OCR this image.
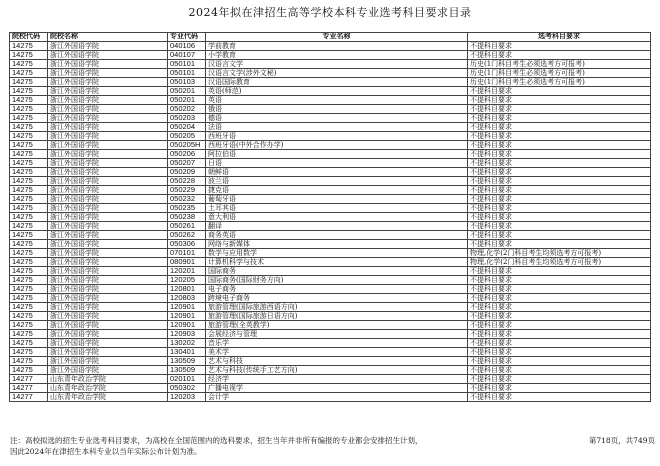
2024年拟在津招生高等学校本科专业选考科目要求目录
院校代码	院校名称	专业代码	专业名称	选考科目要求
14275	浙江外国语学院	040106	学前教育	不提科目要求
14275	浙江外国语学院	040107	小学教育	不提科目要求
14275	浙江外国语学院	050101	汉语言文学	历史(1门科目考生必须选考方可报考)
14275	浙江外国语学院	050101	汉语言文学(涉外文秘)	历史(1门科目考生必须选考方可报考)
14275	浙江外国语学院	050103	汉语国际教育	历史(1门科目考生必须选考方可报考)
14275	浙江外国语学院	050201	英语(师范)	不提科目要求
14275	浙江外国语学院	050201	英语	不提科目要求
14275	浙江外国语学院	050202	俄语	不提科目要求
14275	浙江外国语学院	050203	德语	不提科目要求
14275	浙江外国语学院	050204	法语	不提科目要求
14275	浙江外国语学院	050205	西班牙语	不提科目要求
14275	浙江外国语学院	050205H	西班牙语(中外合作办学)	不提科目要求
14275	浙江外国语学院	050206	阿拉伯语	不提科目要求
14275	浙江外国语学院	050207	日语	不提科目要求
14275	浙江外国语学院	050209	朝鲜语	不提科目要求
14275	浙江外国语学院	050228	波兰语	不提科目要求
14275	浙江外国语学院	050229	捷克语	不提科目要求
14275	浙江外国语学院	050232	葡萄牙语	不提科目要求
14275	浙江外国语学院	050235	土耳其语	不提科目要求
14275	浙江外国语学院	050238	意大利语	不提科目要求
14275	浙江外国语学院	050261	翻译	不提科目要求
14275	浙江外国语学院	050262	商务英语	不提科目要求
14275	浙江外国语学院	050306	网络与新媒体	不提科目要求
14275	浙江外国语学院	070101	数学与应用数学	物理,化学(2门科目考生均须选考方可报考)
14275	浙江外国语学院	080901	计算机科学与技术	物理,化学(2门科目考生均须选考方可报考)
14275	浙江外国语学院	120201	国际商务	不提科目要求
14275	浙江外国语学院	120205	国际商务(国际财务方向)	不提科目要求
14275	浙江外国语学院	120801	电子商务	不提科目要求
14275	浙江外国语学院	120803	跨境电子商务	不提科目要求
14275	浙江外国语学院	120901	旅游管理(国际旅游西语方向)	不提科目要求
14275	浙江外国语学院	120901	旅游管理(国际旅游日语方向)	不提科目要求
14275	浙江外国语学院	120901	旅游管理(全英教学)	不提科目要求
14275	浙江外国语学院	120903	会展经济与管理	不提科目要求
14275	浙江外国语学院	130202	音乐学	不提科目要求
14275	浙江外国语学院	130401	美术学	不提科目要求
14275	浙江外国语学院	130509	艺术与科技	不提科目要求
14275	浙江外国语学院	130509	艺术与科技(传统手工艺方向)	不提科目要求
14277	山东青年政治学院	020101	经济学	不提科目要求
14277	山东青年政治学院	050302	广播电视学	不提科目要求
14277	山东青年政治学院	120203	会计学	不提科目要求
注：高校拟选的招生专业选考科目要求，为高校在全国范围内的选科要求，招生当年并非所有编报的专业都会安排招生计划，
因此2024年在津招生本科专业以当年实际公布计划为准。
第718页，共749页
